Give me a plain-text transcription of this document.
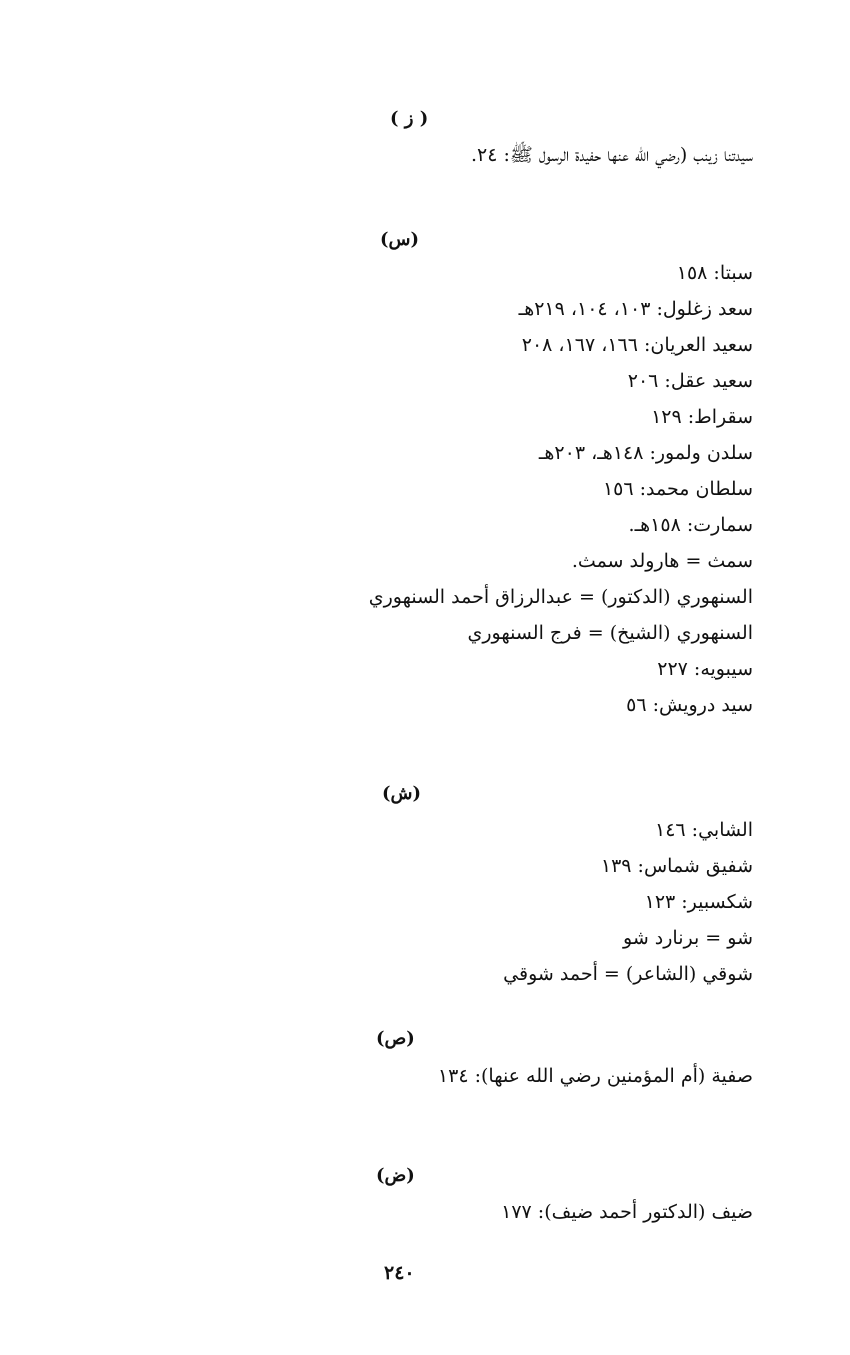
( ز )
سيدتنا زينب (رضي الله عنها حفيدة الرسول ﷺ: ٢٤.
(س)
سبتا: ١٥٨
سعد زغلول: ١٠٣، ١٠٤، ٢١٩هـ
سعيد العريان: ١٦٦، ١٦٧، ٢٠٨
سعيد عقل: ٢٠٦
سقراط: ١٢٩
سلدن ولمور: ١٤٨هـ، ٢٠٣هـ
سلطان محمد: ١٥٦
سمارت: ١٥٨هـ.
سمث = هارولد سمث.
السنهوري (الدكتور) = عبدالرزاق أحمد السنهوري
السنهوري (الشيخ) = فرج السنهوري
سيبويه: ٢٢٧
سيد درويش: ٥٦
(ش)
الشابي: ١٤٦
شفيق شماس: ١٣٩
شكسبير: ١٢٣
شو = برنارد شو
شوقي (الشاعر) = أحمد شوقي
(ص)
صفية (أم المؤمنين رضي الله عنها): ١٣٤
(ض)
ضيف (الدكتور أحمد ضيف): ١٧٧
٢٤٠
